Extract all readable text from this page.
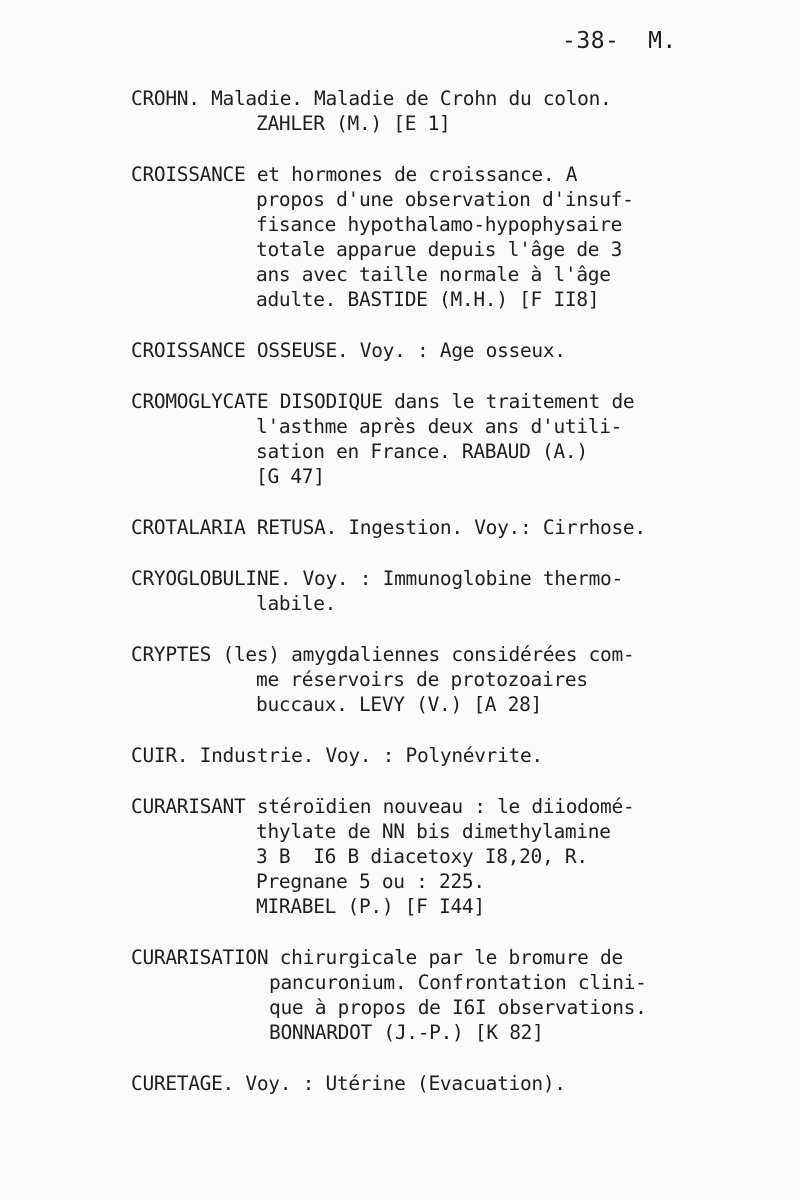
-38-  M.
CROHN. Maladie. Maladie de Crohn du colon.
ZAHLER (M.) [E 1]
CROISSANCE et hormones de croissance. A
propos d'une observation d'insuf-
fisance hypothalamo-hypophysaire
totale apparue depuis l'âge de 3
ans avec taille normale à l'âge
adulte. BASTIDE (M.H.) [F II8]
CROISSANCE OSSEUSE. Voy. : Age osseux.
CROMOGLYCATE DISODIQUE dans le traitement de
l'asthme après deux ans d'utili-
sation en France. RABAUD (A.)
[G 47]
CROTALARIA RETUSA. Ingestion. Voy.: Cirrhose.
CRYOGLOBULINE. Voy. : Immunoglobine thermo-
labile.
CRYPTES (les) amygdaliennes considérées com-
me réservoirs de protozoaires
buccaux. LEVY (V.) [A 28]
CUIR. Industrie. Voy. : Polynévrite.
CURARISANT stéroïdien nouveau : le diiodomé-
thylate de NN bis dimethylamine
3 B  I6 B diacetoxy I8,20, R.
Pregnane 5 ou : 225.
MIRABEL (P.) [F I44]
CURARISATION chirurgicale par le bromure de
pancuronium. Confrontation clini-
que à propos de I6I observations.
BONNARDOT (J.-P.) [K 82]
CURETAGE. Voy. : Utérine (Evacuation).
